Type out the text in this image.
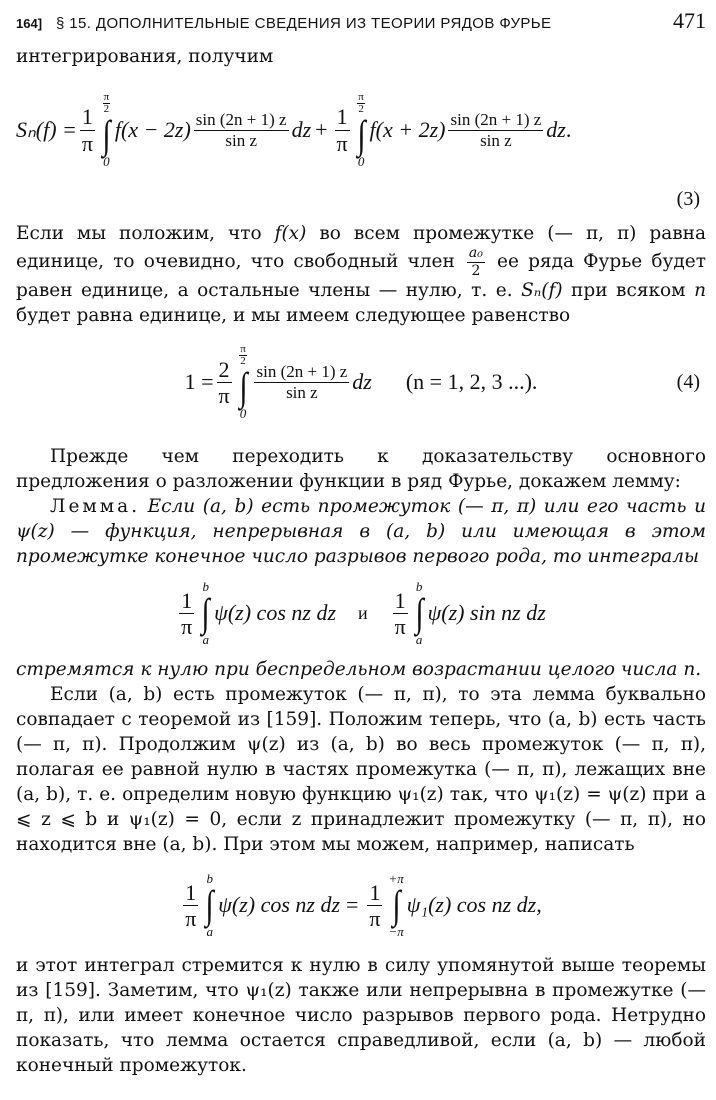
164] § 15. ДОПОЛНИТЕЛЬНЫЕ СВЕДЕНИЯ ИЗ ТЕОРИИ РЯДОВ ФУРЬЕ	471

интегрирования, получим

$S_n(f) = \frac{1}{\pi}$
π
2
∫
0
$f(x - 2z) \frac{\sin (2n + 1) z}{\text{sin z}}$ dz + $\frac{1}{\pi}$
π
2
∫
0
$f(x + 2z) \frac{\sin (2n + 1) z}{\text{sin z}}$ dz .
(3)

Если мы положим, что f(x) во всем промежутке (— π, π) равна единице, то очевидно, что свободный член $\frac{\text{a₀}}{2}$ ее ряда Фурье будет равен единице, а остальные члены — нулю, т. е. Sₙ(f) при всяком n будет равна единице, и мы имеем следующее равенство

$1 = \frac{2}{\pi}$
π
2
∫
0
$\frac{\sin (2n + 1) z}{\text{sin z}}$ dz (n = 1, 2, 3 ...).	(4)

Прежде чем переходить к доказательству основного предложения о разложении функции в ряд Фурье, докажем лемму:

Лемма. Если (a, b) есть промежуток (— π, π) или его часть и ψ(z) — функция, непрерывная в (a, b) или имеющая в этом промежутке конечное число разрывов первого рода, то интегралы

$\frac{1}{\pi}$
b
∫
a
ψ(z) cos nz dz и $\frac{1}{\pi}$
b
∫
a
ψ(z) sin nz dz

стремятся к нулю при беспредельном возрастании целого числа n.

Если (a, b) есть промежуток (— π, π), то эта лемма буквально совпадает с теоремой из [159]. Положим теперь, что (a, b) есть часть (— π, π). Продолжим ψ(z) из (a, b) во весь промежуток (— π, π), полагая ее равной нулю в частях промежутка (— π, π), лежащих вне (a, b), т. е. определим новую функцию ψ₁(z) так, что ψ₁(z) = ψ(z) при a ⩽ z ⩽ b и ψ₁(z) = 0, если z принадлежит промежутку (— π, π), но находится вне (a, b). При этом мы можем, например, написать

$\frac{1}{\pi}$
b
∫
a
ψ(z) cos nz dz = $\frac{1}{\pi}$
+π
∫
−π
ψ₁(z) cos nz dz,

и этот интеграл стремится к нулю в силу упомянутой выше теоремы из [159]. Заметим, что ψ₁(z) также или непрерывна в промежутке (— π, π), или имеет конечное число разрывов первого рода. Нетрудно показать, что лемма остается справедливой, если (a, b) — любой конечный промежуток.
